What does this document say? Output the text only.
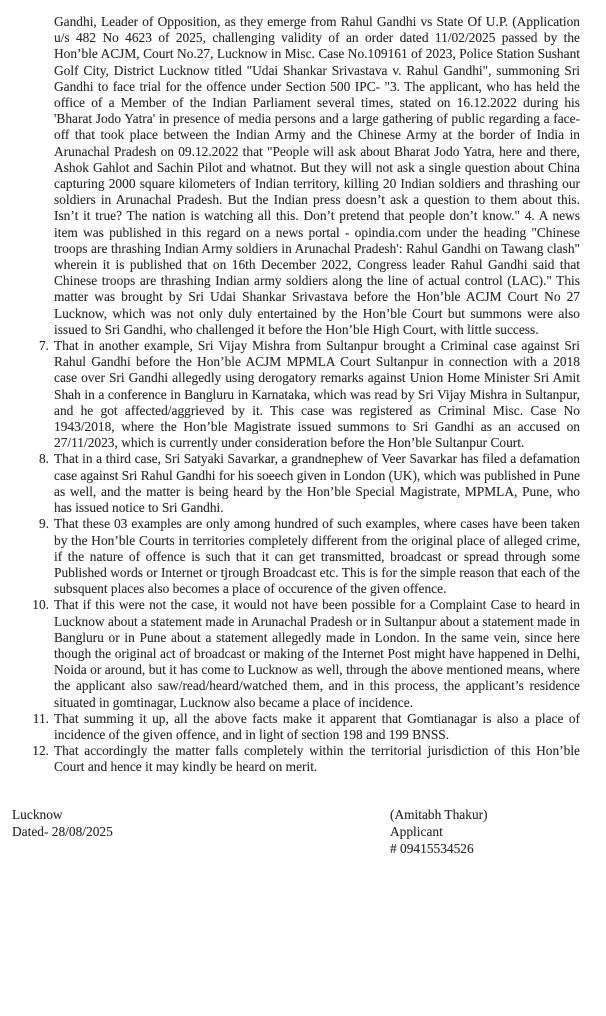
Gandhi, Leader of Opposition, as they emerge from Rahul Gandhi vs State Of U.P. (Application u/s 482 No 4623 of 2025, challenging validity of an order dated 11/02/2025 passed by the Hon’ble ACJM, Court No.27, Lucknow in Misc. Case No.109161 of 2023, Police Station Sushant Golf City, District Lucknow titled "Udai Shankar Srivastava v. Rahul Gandhi", summoning Sri Gandhi to face trial for the offence under Section 500 IPC- "3. The applicant, who has held the office of a Member of the Indian Parliament several times, stated on 16.12.2022 during his 'Bharat Jodo Yatra' in presence of media persons and a large gathering of public regarding a face-off that took place between the Indian Army and the Chinese Army at the border of India in Arunachal Pradesh on 09.12.2022 that "People will ask about Bharat Jodo Yatra, here and there, Ashok Gahlot and Sachin Pilot and whatnot. But they will not ask a single question about China capturing 2000 square kilometers of Indian territory, killing 20 Indian soldiers and thrashing our soldiers in Arunachal Pradesh. But the Indian press doesn’t ask a question to them about this. Isn’t it true? The nation is watching all this. Don’t pretend that people don’t know." 4. A news item was published in this regard on a news portal - opindia.com under the heading "Chinese troops are thrashing Indian Army soldiers in Arunachal Pradesh': Rahul Gandhi on Tawang clash" wherein it is published that on 16th December 2022, Congress leader Rahul Gandhi said that Chinese troops are thrashing Indian army soldiers along the line of actual control (LAC)." This matter was brought by Sri Udai Shankar Srivastava before the Hon’ble ACJM Court No 27 Lucknow, which was not only duly entertained by the Hon’ble Court but summons were also issued to Sri Gandhi, who challenged it before the Hon’ble High Court, with little success.

7. That in another example, Sri Vijay Mishra from Sultanpur brought a Criminal case against Sri Rahul Gandhi before the Hon’ble ACJM MPMLA Court Sultanpur in connection with a 2018 case over Sri Gandhi allegedly using derogatory remarks against Union Home Minister Sri Amit Shah in a conference in Bangluru in Karnataka, which was read by Sri Vijay Mishra in Sultanpur, and he got affected/aggrieved by it. This case was registered as Criminal Misc. Case No 1943/2018, where the Hon’ble Magistrate issued summons to Sri Gandhi as an accused on 27/11/2023, which is currently under consideration before the Hon’ble Sultanpur Court.
8. That in a third case, Sri Satyaki Savarkar, a grandnephew of Veer Savarkar has filed a defamation case against Sri Rahul Gandhi for his soeech given in London (UK), which was published in Pune as well, and the matter is being heard by the Hon’ble Special Magistrate, MPMLA, Pune, who has issued notice to Sri Gandhi.
9. That these 03 examples are only among hundred of such examples, where cases have been taken by the Hon’ble Courts in territories completely different from the original place of alleged crime, if the nature of offence is such that it can get transmitted, broadcast or spread through some Published words or Internet or tjrough Broadcast etc. This is for the simple reason that each of the subsquent places also becomes a place of occurence of the given offence.
10. That if this were not the case, it would not have been possible for a Complaint Case to heard in Lucknow about a statement made in Arunachal Pradesh or in Sultanpur about a statement made in Bangluru or in Pune about a statement allegedly made in London. In the same vein, since here though the original act of broadcast or making of the Internet Post might have happened in Delhi, Noida or around, but it has come to Lucknow as well, through the above mentioned means, where the applicant also saw/read/heard/watched them, and in this process, the applicant’s residence situated in gomtinagar, Lucknow also became a place of incidence.
11. That summing it up, all the above facts make it apparent that Gomtianagar is also a place of incidence of the given offence, and in light of section 198 and 199 BNSS.
12. That accordingly the matter falls completely within the territorial jurisdiction of this Hon’ble Court and hence it may kindly be heard on merit.
Lucknow
Dated- 28/08/2025
(Amitabh Thakur)
Applicant
# 09415534526
